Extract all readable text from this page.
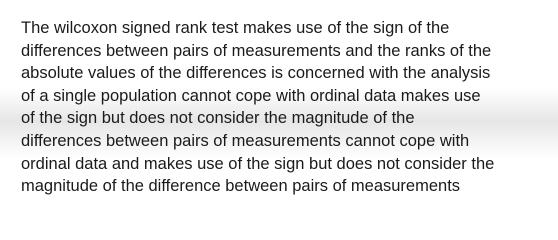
The wilcoxon signed rank test makes use of the sign of the
differences between pairs of measurements and the ranks of the
absolute values of the differences is concerned with the analysis
of a single population cannot cope with ordinal data makes use
of the sign but does not consider the magnitude of the
differences between pairs of measurements cannot cope with
ordinal data and makes use of the sign but does not consider the
magnitude of the difference between pairs of measurements
